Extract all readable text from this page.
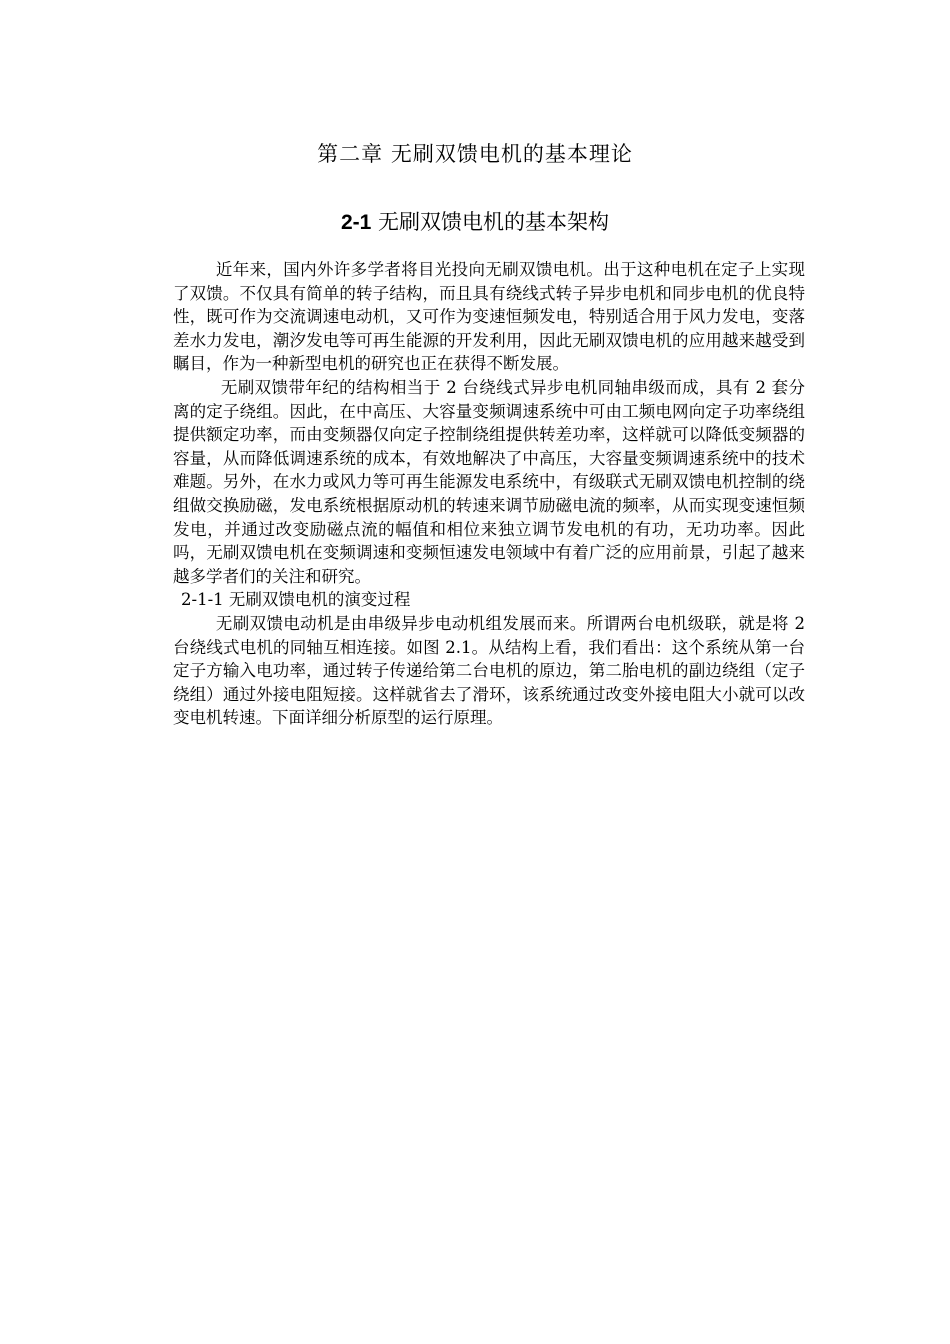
第二章 无刷双馈电机的基本理论
2-1 无刷双馈电机的基本架构

近年来，国内外许多学者将目光投向无刷双馈电机。出于这种电机在定子上实现了双馈。不仅具有简单的转子结构，而且具有绕线式转子异步电机和同步电机的优良特性，既可作为交流调速电动机，又可作为变速恒频发电，特别适合用于风力发电，变落差水力发电，潮汐发电等可再生能源的开发利用，因此无刷双馈电机的应用越来越受到瞩目，作为一种新型电机的研究也正在获得不断发展。

无刷双馈带年纪的结构相当于 2 台绕线式异步电机同轴串级而成，具有 2 套分离的定子绕组。因此，在中高压、大容量变频调速系统中可由工频电网向定子功率绕组提供额定功率，而由变频器仅向定子控制绕组提供转差功率，这样就可以降低变频器的容量，从而降低调速系统的成本，有效地解决了中高压，大容量变频调速系统中的技术难题。另外，在水力或风力等可再生能源发电系统中，有级联式无刷双馈电机控制的绕组做交换励磁，发电系统根据原动机的转速来调节励磁电流的频率，从而实现变速恒频发电，并通过改变励磁点流的幅值和相位来独立调节发电机的有功，无功功率。因此吗，无刷双馈电机在变频调速和变频恒速发电领域中有着广泛的应用前景，引起了越来越多学者们的关注和研究。

2-1-1 无刷双馈电机的演变过程

无刷双馈电动机是由串级异步电动机组发展而来。所谓两台电机级联，就是将 2 台绕线式电机的同轴互相连接。如图 2.1。从结构上看，我们看出：这个系统从第一台定子方输入电功率，通过转子传递给第二台电机的原边，第二胎电机的副边绕组（定子绕组）通过外接电阻短接。这样就省去了滑环，该系统通过改变外接电阻大小就可以改变电机转速。下面详细分析原型的运行原理。
